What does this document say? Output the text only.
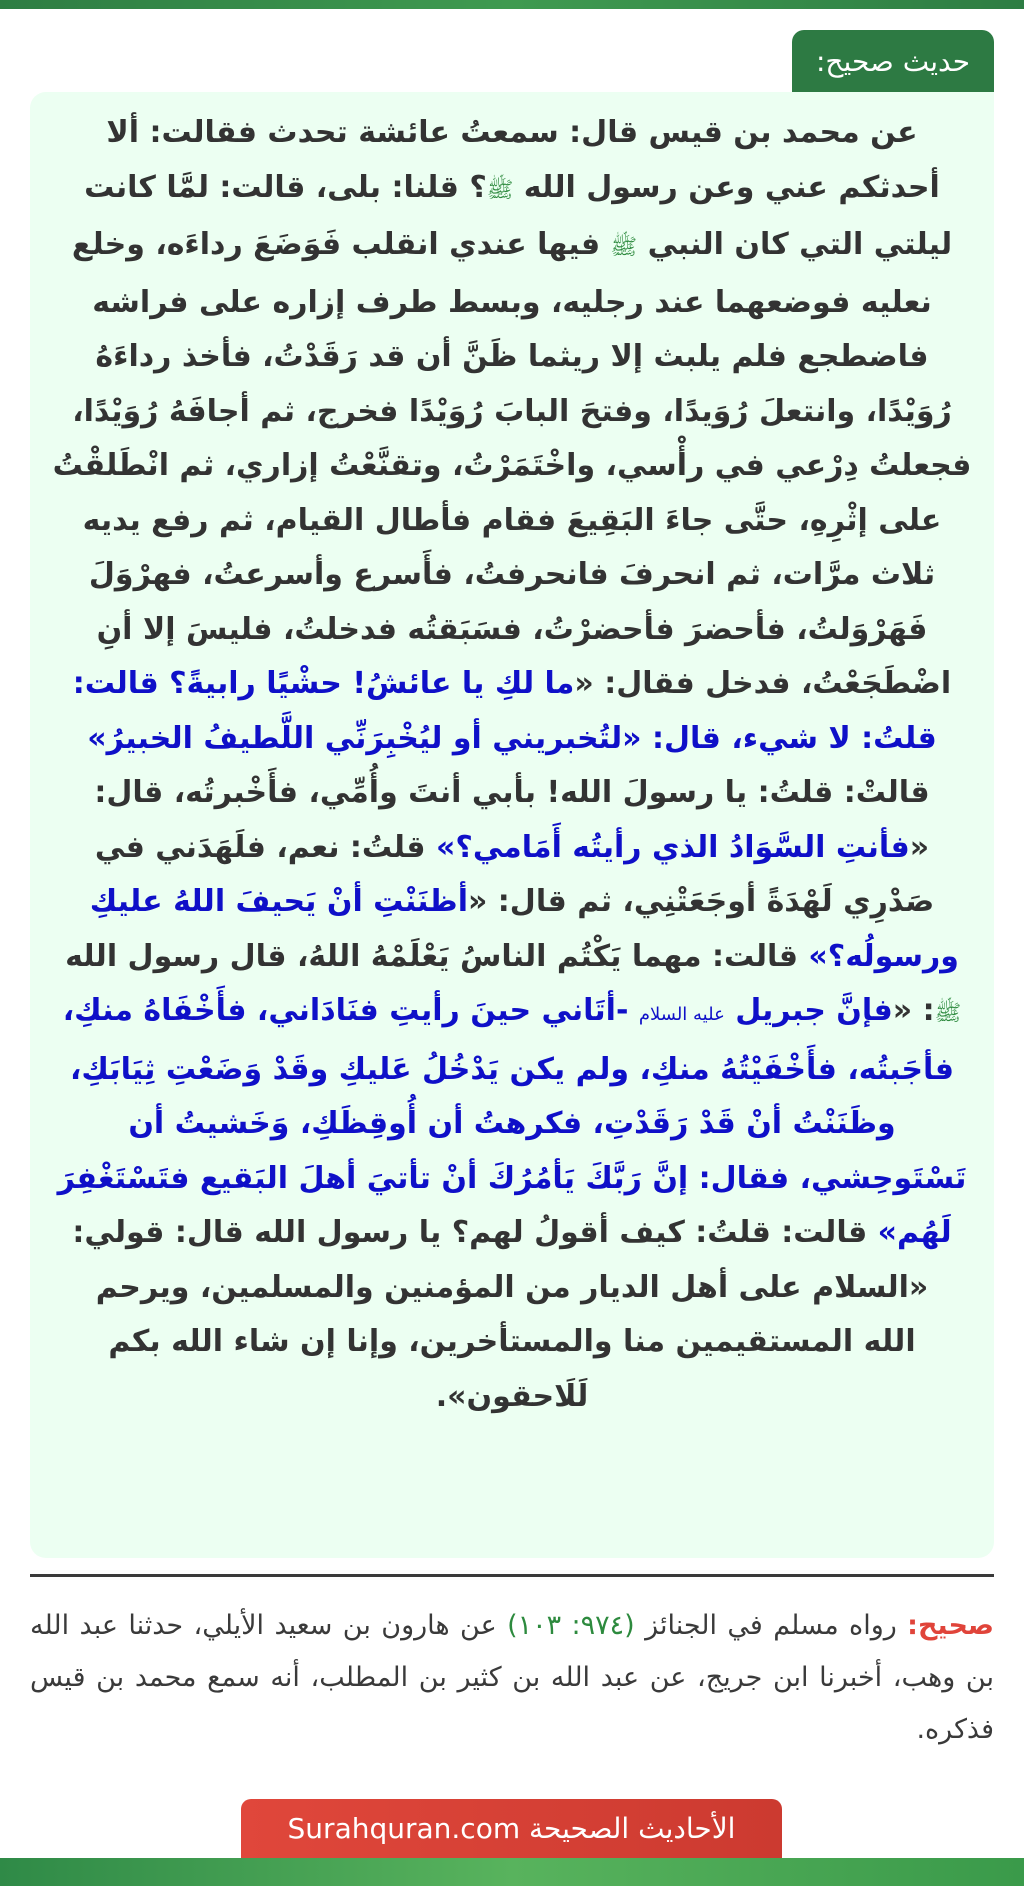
حديث صحيح:

عن محمد بن قيس قال: سمعتُ عائشة تحدث فقالت: ألا أحدثكم عني وعن رسول الله ﷺ؟ قلنا: بلى، قالت: لمَّا كانت ليلتي التي كان النبي ﷺ فيها عندي انقلب فَوَضَعَ رداءَه، وخلع نعليه فوضعهما عند رجليه، وبسط طرف إزاره على فراشه فاضطجع فلم يلبث إلا ريثما ظَنَّ أن قد رَقَدْتُ، فأخذ رداءَهُ رُوَيْدًا، وانتعلَ رُوَيدًا، وفتحَ البابَ رُوَيْدًا فخرج، ثم أجافَهُ رُوَيْدًا، فجعلتُ دِرْعي في رأْسي، واخْتَمَرْتُ، وتقنَّعْتُ إزاري، ثم انْطَلقْتُ على إثْرِهِ، حتَّى جاءَ البَقِيعَ فقام فأطال القيام، ثم رفع يديه ثلاث مرَّات، ثم انحرفَ فانحرفتُ، فأَسرع وأسرعتُ، فهرْوَلَ فَهَرْوَلتُ، فأحضرَ فأحضرْتُ، فسَبَقتُه فدخلتُ، فليسَ إلا أنِ اضْطَجَعْتُ، فدخل فقال: «ما لكِ يا عائشُ! حشْيًا رابيةً؟ قالت: قلتُ: لا شيء، قال: «لتُخبريني أو ليُخْبِرَنِّي اللَّطيفُ الخبيرُ» قالتْ: قلتُ: يا رسولَ الله! بأبي أنتَ وأُمِّي، فأَخْبرتُه، قال: «فأنتِ السَّوَادُ الذي رأيتُه أَمَامي؟» قلتُ: نعم، فلَهَدَني في صَدْرِي لَهْدَةً أوجَعَتْنِي، ثم قال: «أظنَنْتِ أنْ يَحيفَ اللهُ عليكِ ورسولُه؟» قالت: مهما يَكْتُم الناسُ يَعْلَمْهُ اللهُ، قال رسول الله ﷺ: «فإنَّ جبريل عليه السلام -أتَاني حينَ رأيتِ فنَادَاني، فأَخْفَاهُ منكِ، فأجَبتُه، فأَخْفَيْتُهُ منكِ، ولم يكن يَدْخُلُ عَليكِ وقَدْ وَضَعْتِ ثِيَابَكِ، وظَنَنْتُ أنْ قَدْ رَقَدْتِ، فكرهتُ أن أُوقِظَكِ، وَخَشيتُ أن تَسْتَوحِشي، فقال: إنَّ رَبَّكَ يَأمُرُكَ أنْ تأتيَ أهلَ البَقيع فتَسْتَغْفِرَ لَهُم» قالت: قلتُ: كيف أقولُ لهم؟ يا رسول الله قال: قولي: «السلام على أهل الديار من المؤمنين والمسلمين، ويرحم
الله المستقيمين منا والمستأخرين، وإنا إن شاء الله بكم لَلَاحقون».

صحيح: رواه مسلم في الجنائز (٩٧٤: ١٠٣) عن هارون بن سعيد الأيلي، حدثنا عبد الله بن وهب، أخبرنا ابن جريج، عن عبد الله بن كثير بن المطلب، أنه سمع محمد بن قيس فذكره.
الأحاديث الصحيحة Surahquran.com
